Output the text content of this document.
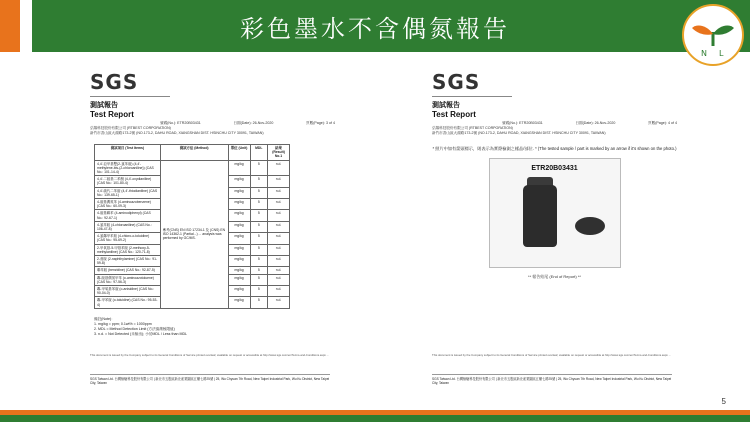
彩色墨水不含偶氮報告
N L
SGS
測試報告
Test Report
號碼(No.): ETR20B03431	日期(Date): 26-Nov-2020	頁數(Page): 3 of 4
弘陽科技股份有限公司 (RTBEST CORPORATION)
新竹市香山區大湖路173-2號 (NO.173-2, DAHU ROAD, XIANGSHAN DIST. HSINCHU CITY 30091, TAIWAN)
測試項目 (Test Items)	測試方法 (Method)	單位 (Unit)	MDL	結果 (Result) No.1
4,4'-亞甲基雙(2-氯苯胺) (4,4'-methylene-bis-(2-chloroaniline)) (CAS No.: 101-14-4)	參考(CNS) EN ISO 17234-1 及 (CNS) EN ISO 14362-1 (Partial...) ... analysis was performed by GC/MS.	mg/kg	5	n.d.
4,4'-二胺基二苯醚 (4,4'-oxydianiline) (CAS No.: 101-80-4)		mg/kg	5	n.d.
4,4'-硫代二苯胺 (4,4'-thiodianiline) (CAS No.: 139-65-1)		mg/kg	5	n.d.
4-胺基偶氮苯 (4-aminoazobenzene) (CAS No.: 60-09-3)		mg/kg	5	n.d.
4-胺基聯苯 (4-aminodiphenyl) (CAS No.: 92-67-1)		mg/kg	5	n.d.
4-氯苯胺 (4-chloroaniline) (CAS No.: 106-47-8)		mg/kg	5	n.d.
4-氯鄰甲苯胺 (4-chloro-o-toluidine) (CAS No.: 95-69-2)		mg/kg	5	n.d.
2-甲氧基-5-甲基苯胺 (2-methoxy-5-methylaniline) (CAS No.: 120-71-8)		mg/kg	5	n.d.
2-萘胺 (2-naphthylamine) (CAS No.: 91-59-8)		mg/kg	5	n.d.
聯苯胺 (benzidine) (CAS No.: 92-87-5)		mg/kg	5	n.d.
鄰-胺基偶氮甲苯 (o-aminoazotoluene) (CAS No.: 97-56-3)		mg/kg	5	n.d.
鄰-甲氧基苯胺 (o-anisidine) (CAS No.: 90-04-0)		mg/kg	5	n.d.
鄰-甲苯胺 (o-toluidine) (CAS No.: 95-53-4)		mg/kg	5	n.d.
備註(Note)：
1. mg/kg = ppm; 0.1wt% = 1000ppm
2. MDL = Method Detection Limit (方法偵測極限值)
3. n.d. = Not Detected (未檢出); 小於MDL / Less than MDL
This document is issued by the Company subject to its General Conditions of Service printed overleaf, available on request or accessible at http://www.sgs.com/en/Terms-and-Conditions.aspx ...
SGS Taiwan Ltd. 台灣檢驗科技股份有限公司 | 新北市五股區新北產業園區五權七路25號 | 25, Wu Chyuan 7th Road, New Taipei Industrial Park, Wu Ku District, New Taipei City, Taiwan
SGS
測試報告
Test Report
號碼(No.): ETR20B03431	日期(Date): 26-Nov-2020	頁數(Page): 4 of 4
弘陽科技股份有限公司 (RTBEST CORPORATION)
新竹市香山區大湖路173-2號 (NO.173-2, DAHU ROAD, XIANGSHAN DIST. HSINCHU CITY 30091, TAIWAN)
* 照片中如有箭頭標示，則表示為實際檢測之樣品/部位. * (The tested sample / part is marked by an arrow if it's shown on the photo.)
ETR20B03431
** 報告結尾 (End of Report) **
This document is issued by the Company subject to its General Conditions of Service printed overleaf, available on request or accessible at http://www.sgs.com/en/Terms-and-Conditions.aspx ...
SGS Taiwan Ltd. 台灣檢驗科技股份有限公司 | 新北市五股區新北產業園區五權七路25號 | 25, Wu Chyuan 7th Road, New Taipei Industrial Park, Wu Ku District, New Taipei City, Taiwan
5
